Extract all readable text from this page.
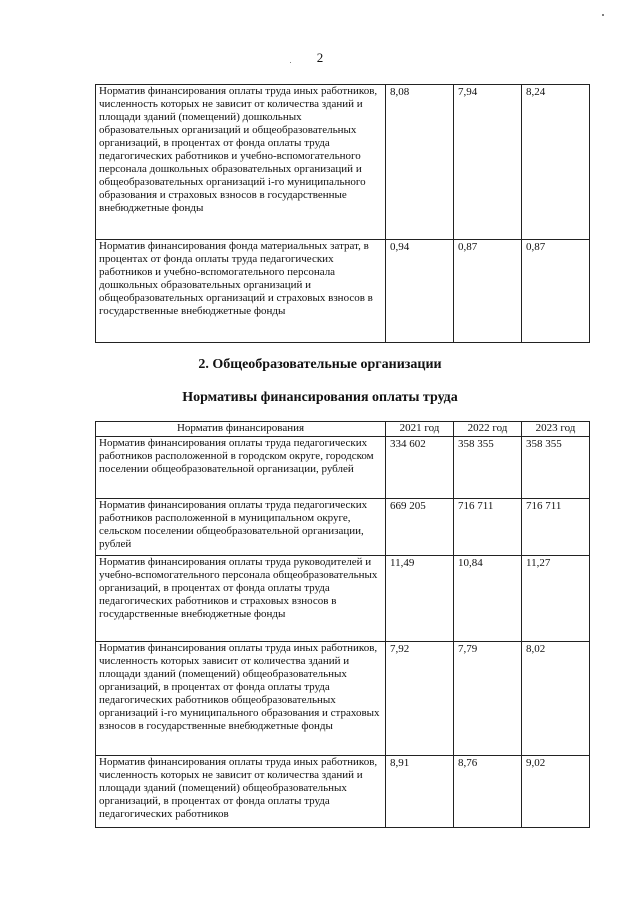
2
Норматив финансирования оплаты труда иных работников, численность которых не зависит от количества зданий и площади зданий (помещений) дошкольных образовательных организаций и общеобразовательных организаций, в процентах от фонда оплаты труда педагогических работников и учебно-вспомогательного персонала дошкольных образовательных организаций и общеобразовательных организаций i-го муниципального образования и страховых взносов в государственные внебюджетные фонды	8,08	7,94	8,24
Норматив финансирования фонда материальных затрат, в процентах от фонда оплаты труда педагогических работников и учебно-вспомогательного персонала дошкольных образовательных организаций и общеобразовательных организаций и страховых взносов в государственные внебюджетные фонды	0,94	0,87	0,87
2. Общеобразовательные организации
Нормативы финансирования оплаты труда
Норматив финансирования	2021 год	2022 год	2023 год
Норматив финансирования оплаты труда педагогических работников расположенной в городском округе, городском поселении общеобразовательной организации, рублей	334 602	358 355	358 355
Норматив финансирования оплаты труда педагогических работников расположенной в муниципальном округе, сельском поселении общеобразовательной организации, рублей	669 205	716 711	716 711
Норматив финансирования оплаты труда руководителей и учебно-вспомогательного персонала общеобразовательных организаций, в процентах от фонда оплаты труда педагогических работников и страховых взносов в государственные внебюджетные фонды	11,49	10,84	11,27
Норматив финансирования оплаты труда иных работников, численность которых зависит от количества зданий и площади зданий (помещений) общеобразовательных организаций, в процентах от фонда оплаты труда педагогических работников общеобразовательных организаций i-го муниципального образования и страховых взносов в государственные внебюджетные фонды	7,92	7,79	8,02
Норматив финансирования оплаты труда иных работников, численность которых не зависит от количества зданий и площади зданий (помещений) общеобразовательных организаций, в процентах от фонда оплаты труда педагогических работников	8,91	8,76	9,02
